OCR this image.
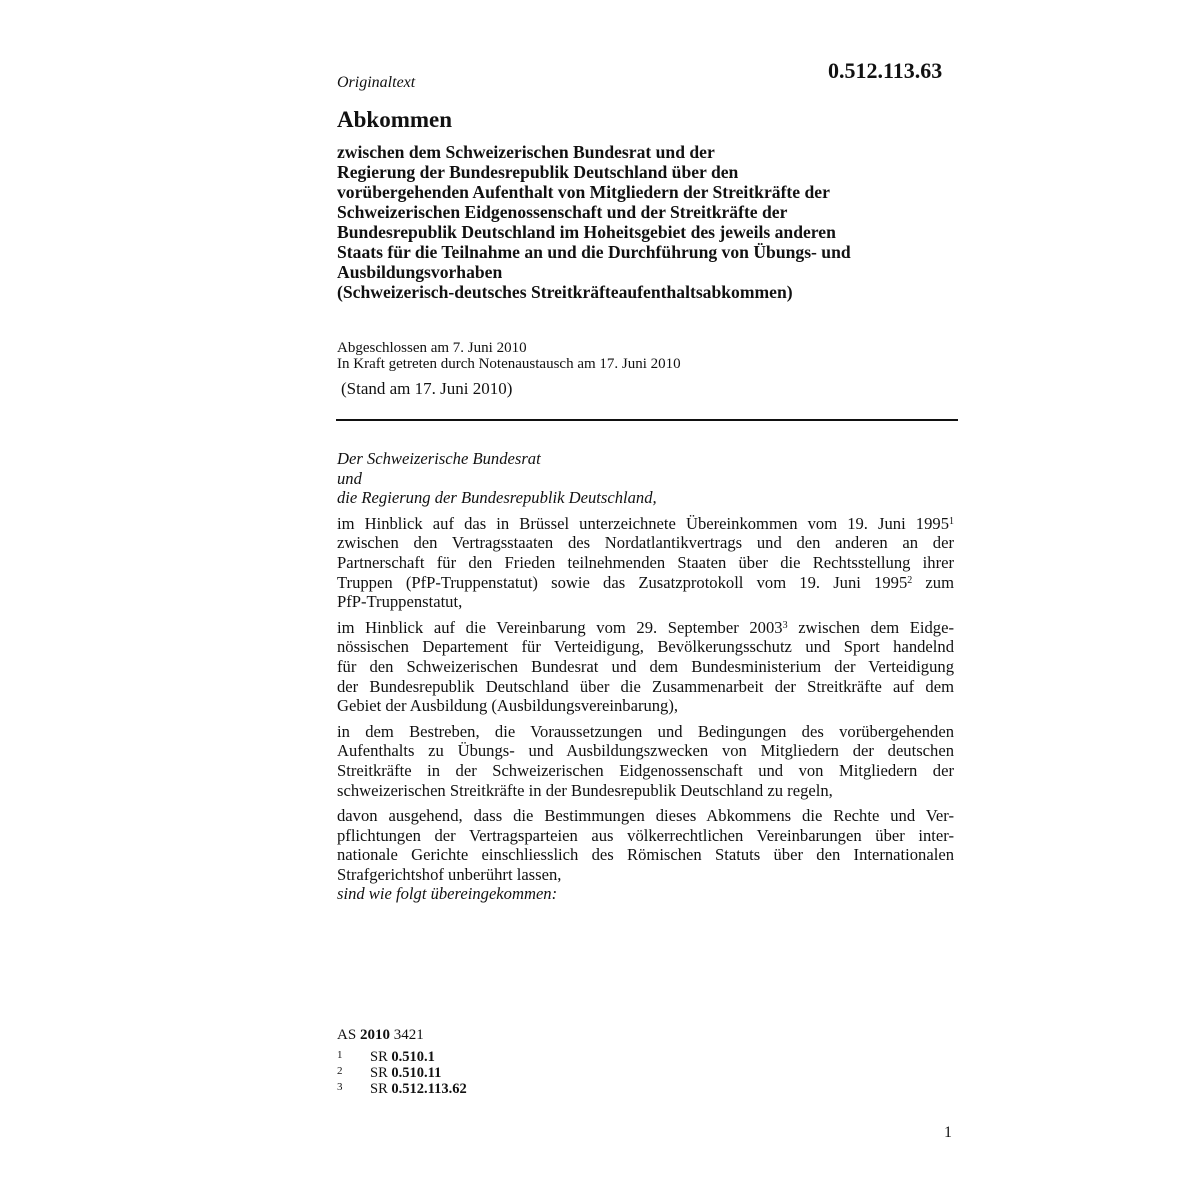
0.512.113.63
Originaltext
Abkommen
zwischen dem Schweizerischen Bundesrat und der
Regierung der Bundesrepublik Deutschland über den
vorübergehenden Aufenthalt von Mitgliedern der Streitkräfte der
Schweizerischen Eidgenossenschaft und der Streitkräfte der
Bundesrepublik Deutschland im Hoheitsgebiet des jeweils anderen
Staats für die Teilnahme an und die Durchführung von Übungs- und
Ausbildungsvorhaben
(Schweizerisch-deutsches Streitkräfteaufenthaltsabkommen)
Abgeschlossen am 7. Juni 2010
In Kraft getreten durch Notenaustausch am 17. Juni 2010
(Stand am 17. Juni 2010)

Der Schweizerische Bundesrat

und

die Regierung der Bundesrepublik Deutschland,

im Hinblick auf das in Brüssel unterzeichnete Übereinkommen vom 19. Juni 1995$^1$
zwischen den Vertragsstaaten des Nordatlantikvertrags und den anderen an der
Partnerschaft für den Frieden teilnehmenden Staaten über die Rechtsstellung ihrer
Truppen (PfP-Truppenstatut) sowie das Zusatzprotokoll vom 19. Juni 1995$^2$ zum
PfP-Truppenstatut,

im Hinblick auf die Vereinbarung vom 29. September 2003$^3$ zwischen dem Eidge-
nössischen Departement für Verteidigung, Bevölkerungsschutz und Sport handelnd
für den Schweizerischen Bundesrat und dem Bundesministerium der Verteidigung
der Bundesrepublik Deutschland über die Zusammenarbeit der Streitkräfte auf dem
Gebiet der Ausbildung (Ausbildungsvereinbarung),

in dem Bestreben, die Voraussetzungen und Bedingungen des vorübergehenden
Aufenthalts zu Übungs- und Ausbildungszwecken von Mitgliedern der deutschen
Streitkräfte in der Schweizerischen Eidgenossenschaft und von Mitgliedern der
schweizerischen Streitkräfte in der Bundesrepublik Deutschland zu regeln,

davon ausgehend, dass die Bestimmungen dieses Abkommens die Rechte und Ver-
pflichtungen der Vertragsparteien aus völkerrechtlichen Vereinbarungen über inter-
nationale Gerichte einschliesslich des Römischen Statuts über den Internationalen
Strafgerichtshof unberührt lassen,

sind wie folgt übereingekommen:

AS 2010 3421
1 SR 0.510.1
2 SR 0.510.11
3 SR 0.512.113.62
1
